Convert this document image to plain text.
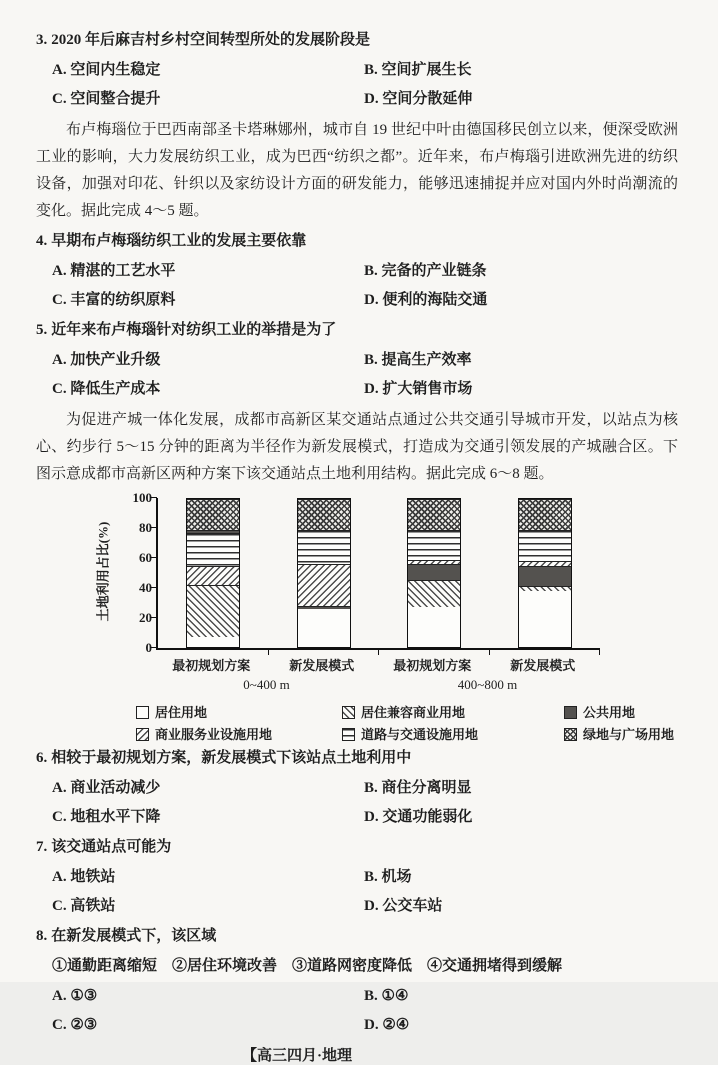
3. 2020 年后麻吉村乡村空间转型所处的发展阶段是
A. 空间内生稳定	B. 空间扩展生长
C. 空间整合提升	D. 空间分散延伸
布卢梅瑙位于巴西南部圣卡塔琳娜州，城市自 19 世纪中叶由德国移民创立以来，便深受欧洲工业的影响，大力发展纺织工业，成为巴西“纺织之都”。近年来，布卢梅瑙引进欧洲先进的纺织设备，加强对印花、针织以及家纺设计方面的研发能力，能够迅速捕捉并应对国内外时尚潮流的变化。据此完成 4～5 题。
4. 早期布卢梅瑙纺织工业的发展主要依靠
A. 精湛的工艺水平	B. 完备的产业链条
C. 丰富的纺织原料	D. 便利的海陆交通
5. 近年来布卢梅瑙针对纺织工业的举措是为了
A. 加快产业升级	B. 提高生产效率
C. 降低生产成本	D. 扩大销售市场
为促进产城一体化发展，成都市高新区某交通站点通过公共交通引导城市开发，以站点为核心、约步行 5～15 分钟的距离为半径作为新发展模式，打造成为交通引领发展的产城融合区。下图示意成都市高新区两种方案下该交通站点土地利用结构。据此完成 6～8 题。
土地利用占比(%)
0
20
40
60
80
100
最初规划方案	新发展模式	最初规划方案	新发展模式
0~400 m	400~800 m
居住用地	居住兼容商业用地	公共用地
商业服务业设施用地	道路与交通设施用地	绿地与广场用地
6. 相较于最初规划方案，新发展模式下该站点土地利用中
A. 商业活动减少	B. 商住分离明显
C. 地租水平下降	D. 交通功能弱化
7. 该交通站点可能为
A. 地铁站	B. 机场
C. 高铁站	D. 公交车站
8. 在新发展模式下，该区域
①通勤距离缩短　②居住环境改善　③道路网密度降低　④交通拥堵得到缓解
A. ①③	B. ①④
C. ②③	D. ②④
【高三四月·地理
